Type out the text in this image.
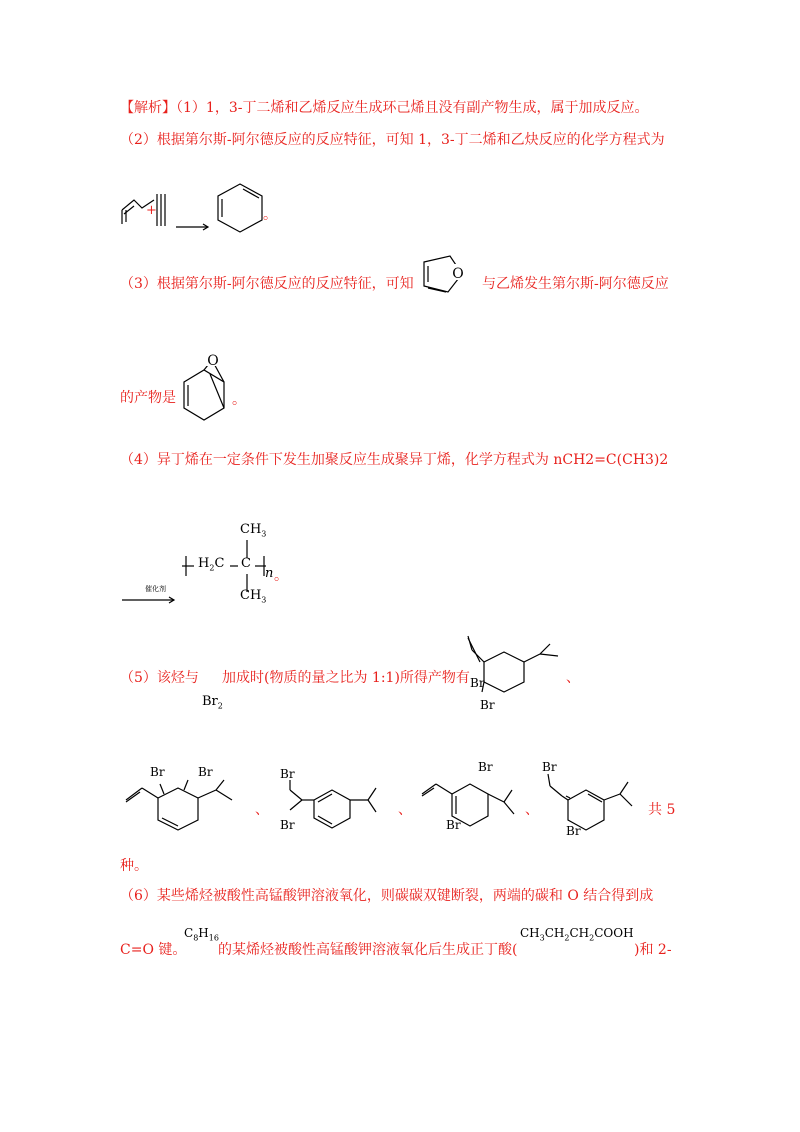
【解析】（1）1，3-丁二烯和乙烯反应生成环己烯且没有副产物生成，属于加成反应。
（2）根据第尔斯-阿尔德反应的反应特征，可知 1，3-丁二烯和乙炔反应的化学方程式为
+	。
（3）根据第尔斯-阿尔德反应的反应特征，可知
O
与乙烯发生第尔斯-阿尔德反应
的产物是
O
。
（4）异丁烯在一定条件下发生加聚反应生成聚异丁烯，化学方程式为 nCH2=C(CH3)2
催化剂
$H_2C$ C
$CH_3$
$CH_3$
n 。
（5）该烃与
$Br_2$
加成时(物质的量之比为 1:1)所得产物有 Br
Br
、
Br	Br
、
Br
Br
、
Br
Br
、
Br
Br
共 5
种。
（6）某些烯烃被酸性高锰酸钾溶液氧化，则碳碳双键断裂，两端的碳和 O 结合得到成
C=O 键。
$C_8H_{16}$
的某烯烃被酸性高锰酸钾溶液氧化后生成正丁酸(
$CH_3CH_2CH_2COOH$
)和 2-
